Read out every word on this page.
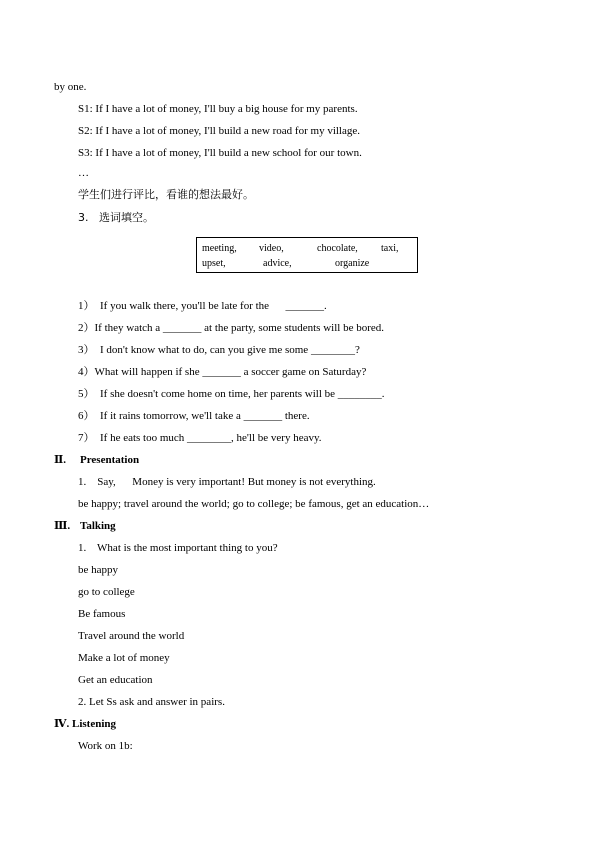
by one.
S1: If I have a lot of money, I'll buy a big house for my parents.
S2: If I have a lot of money, I'll build a new road for my village.
S3: If I have a lot of money, I'll build a new school for our town.
…
学生们进行评比，看谁的想法最好。
3.   选词填空。
meeting, video,	chocolate, taxi,
upset,	advice,	organize
1）  If you walk there, you'll be late for the      _______.
2）If they watch a _______ at the party, some students will be bored.
3）  I don't know what to do, can you give me some ________?
4）What will happen if she _______ a soccer game on Saturday?
5）  If she doesn't come home on time, her parents will be ________.
6）  If it rains tomorrow, we'll take a _______ there.
7）  If he eats too much ________, he'll be very heavy.
Ⅱ. Presentation
1.    Say,      Money is very important! But money is not everything.
be happy; travel around the world; go to college; be famous, get an education…
Ⅲ. Talking
1.    What is the most important thing to you?
be happy
go to college
Be famous
Travel around the world
Make a lot of money
Get an education
2. Let Ss ask and answer in pairs.
Ⅳ. Listening
Work on 1b:
